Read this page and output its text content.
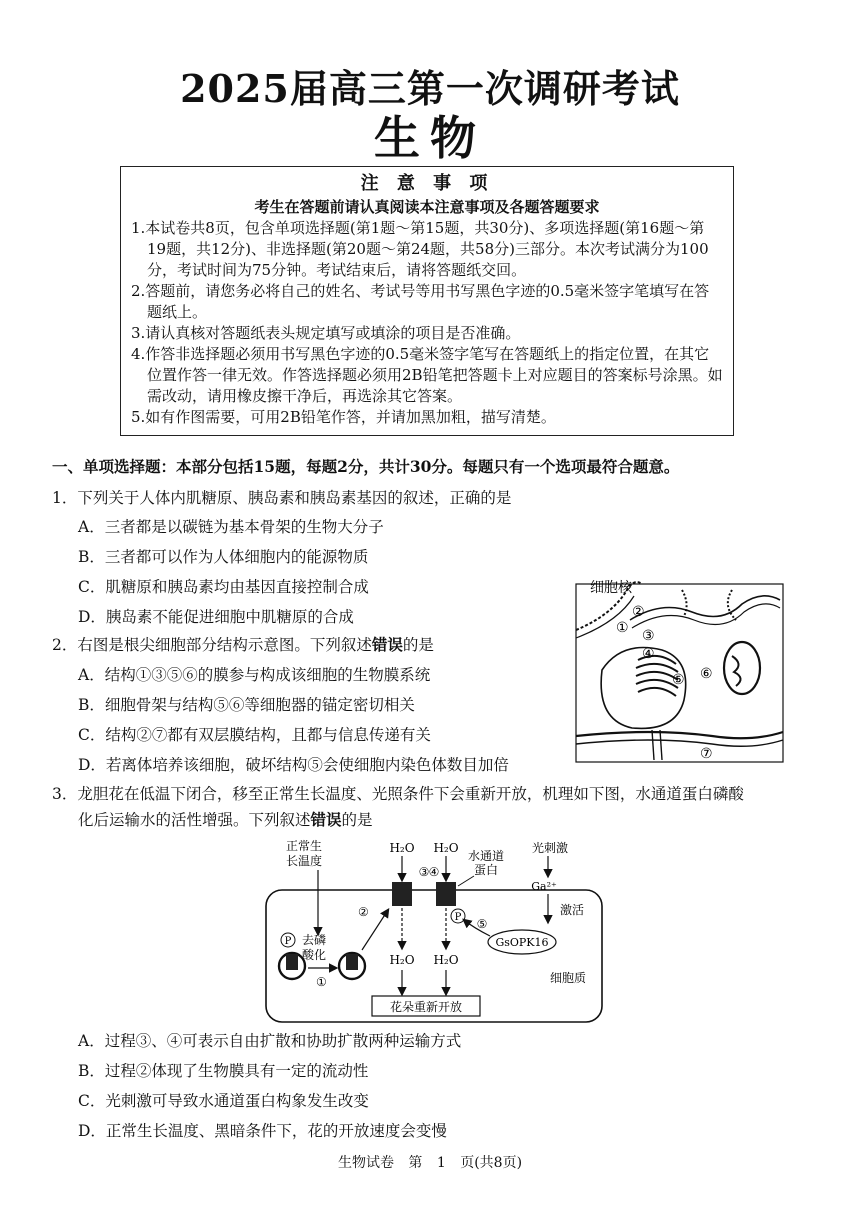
2025届高三第一次调研考试
生物
注 意 事 项
考生在答题前请认真阅读本注意事项及各题答题要求
1.本试卷共8页，包含单项选择题(第1题～第15题，共30分)、多项选择题(第16题～第19题，共12分)、非选择题(第20题～第24题，共58分)三部分。本次考试满分为100分，考试时间为75分钟。考试结束后，请将答题纸交回。
2.答题前，请您务必将自己的姓名、考试号等用书写黑色字迹的0.5毫米签字笔填写在答题纸上。
3.请认真核对答题纸表头规定填写或填涂的项目是否准确。
4.作答非选择题必须用书写黑色字迹的0.5毫米签字笔写在答题纸上的指定位置，在其它位置作答一律无效。作答选择题必须用2B铅笔把答题卡上对应题目的答案标号涂黑。如需改动，请用橡皮擦干净后，再选涂其它答案。
5.如有作图需要，可用2B铅笔作答，并请加黑加粗，描写清楚。
一、单项选择题：本部分包括15题，每题2分，共计30分。每题只有一个选项最符合题意。
1．下列关于人体内肌糖原、胰岛素和胰岛素基因的叙述，正确的是
A．三者都是以碳链为基本骨架的生物大分子
B．三者都可以作为人体细胞内的能源物质
C．肌糖原和胰岛素均由基因直接控制合成
D．胰岛素不能促进细胞中肌糖原的合成
2．右图是根尖细胞部分结构示意图。下列叙述错误的是
A．结构①③⑤⑥的膜参与构成该细胞的生物膜系统
B．细胞骨架与结构⑤⑥等细胞器的锚定密切相关
C．结构②⑦都有双层膜结构，且都与信息传递有关
D．若离体培养该细胞，破坏结构⑤会使细胞内染色体数目加倍
细胞核
②
① ③
④
⑤ ⑥
⑦
3．龙胆花在低温下闭合，移至正常生长温度、光照条件下会重新开放，机理如下图，水通道蛋白磷酸
化后运输水的活性增强。下列叙述错误的是
正常生
长温度
P 去磷
酸化
①
②
H₂O
③
H₂O
H₂O
④
P
H₂O
水通道
蛋白
光刺激
Ga²⁺
激活
GsOPK16
⑤
细胞质
花朵重新开放
A．过程③、④可表示自由扩散和协助扩散两种运输方式
B．过程②体现了生物膜具有一定的流动性
C．光刺激可导致水通道蛋白构象发生改变
D．正常生长温度、黑暗条件下，花的开放速度会变慢
生物试卷 第 1 页(共8页)
